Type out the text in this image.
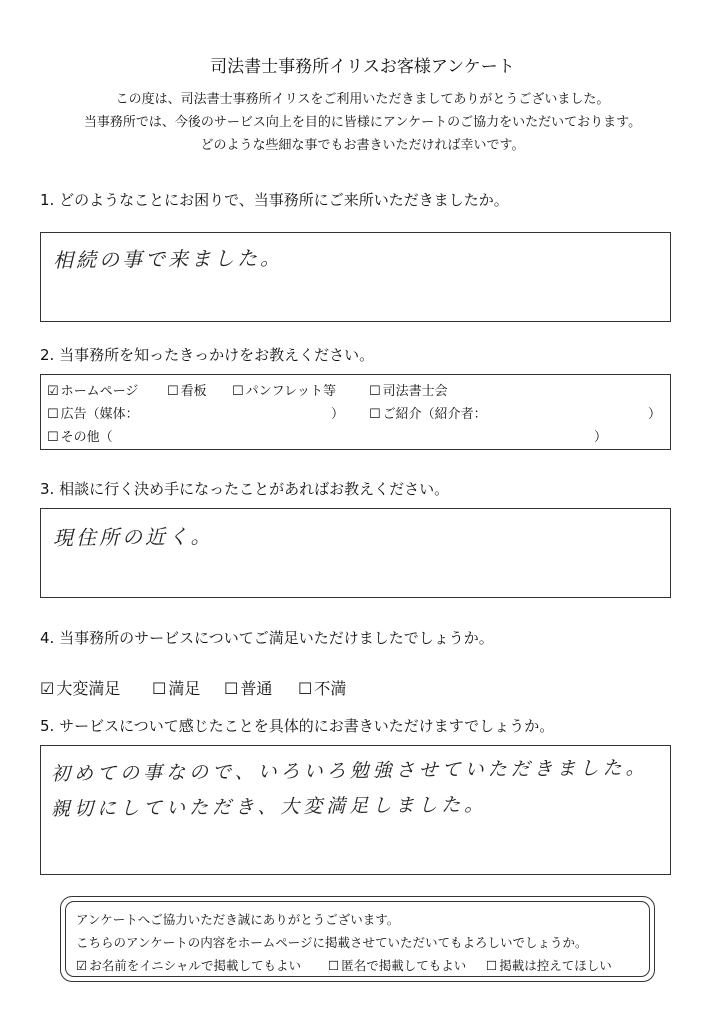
司法書士事務所イリスお客様アンケート
この度は、司法書士事務所イリスをご利用いただきましてありがとうございました。
当事務所では、今後のサービス向上を目的に皆様にアンケートのご協力をいただいております。
どのような些細な事でもお書きいただければ幸いです。
1. どのようなことにお困りで、当事務所にご来所いただきましたか。
相続の事で来ました。
2. 当事務所を知ったきっかけをお教えください。
☑ ホームページ ☐ 看板 ☐ パンフレット等	☐ 司法書士会
☐ 広告（媒体：	） ☐ ご紹介（紹介者：	）
☐ その他（	）
3. 相談に行く決め手になったことがあればお教えください。
現住所の近く。
4. 当事務所のサービスについてご満足いただけましたでしょうか。
☑ 大変満足 ☐ 満足 ☐ 普通 ☐ 不満
5. サービスについて感じたことを具体的にお書きいただけますでしょうか。
初めての事なので、いろいろ勉強させていただきました。
親切にしていただき、大変満足しました。
アンケートへご協力いただき誠にありがとうございます。
こちらのアンケートの内容をホームページに掲載させていただいてもよろしいでしょうか。
☑ お名前をイニシャルで掲載してもよい ☐ 匿名で掲載してもよい ☐ 掲載は控えてほしい
